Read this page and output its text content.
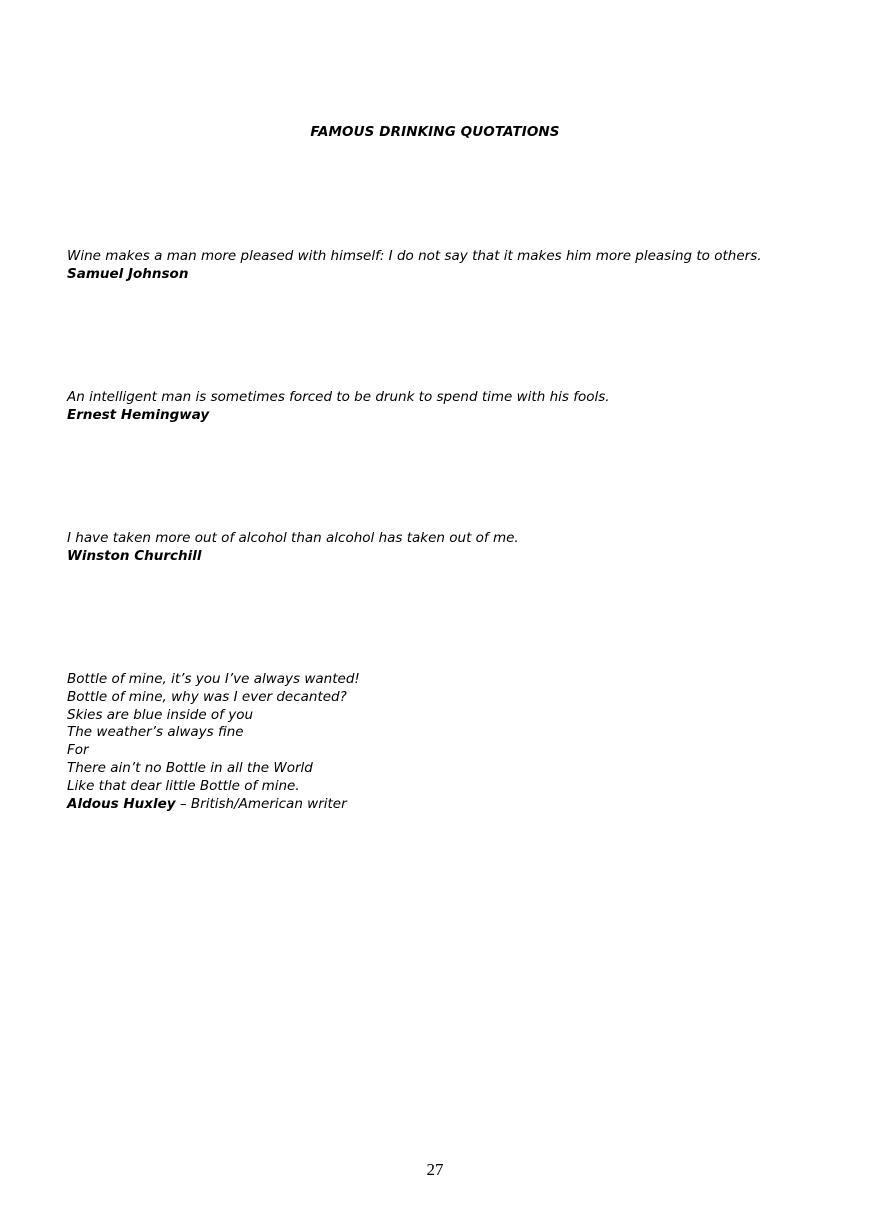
FAMOUS DRINKING QUOTATIONS
Wine makes a man more pleased with himself: I do not say that it makes him more pleasing to others.
Samuel Johnson
An intelligent man is sometimes forced to be drunk to spend time with his fools.
Ernest Hemingway
I have taken more out of alcohol than alcohol has taken out of me.
Winston Churchill
Bottle of mine, it’s you I’ve always wanted!
Bottle of mine, why was I ever decanted?
Skies are blue inside of you
The weather’s always fine
For
There ain’t no Bottle in all the World
Like that dear little Bottle of mine.
Aldous Huxley – British/American writer
27
